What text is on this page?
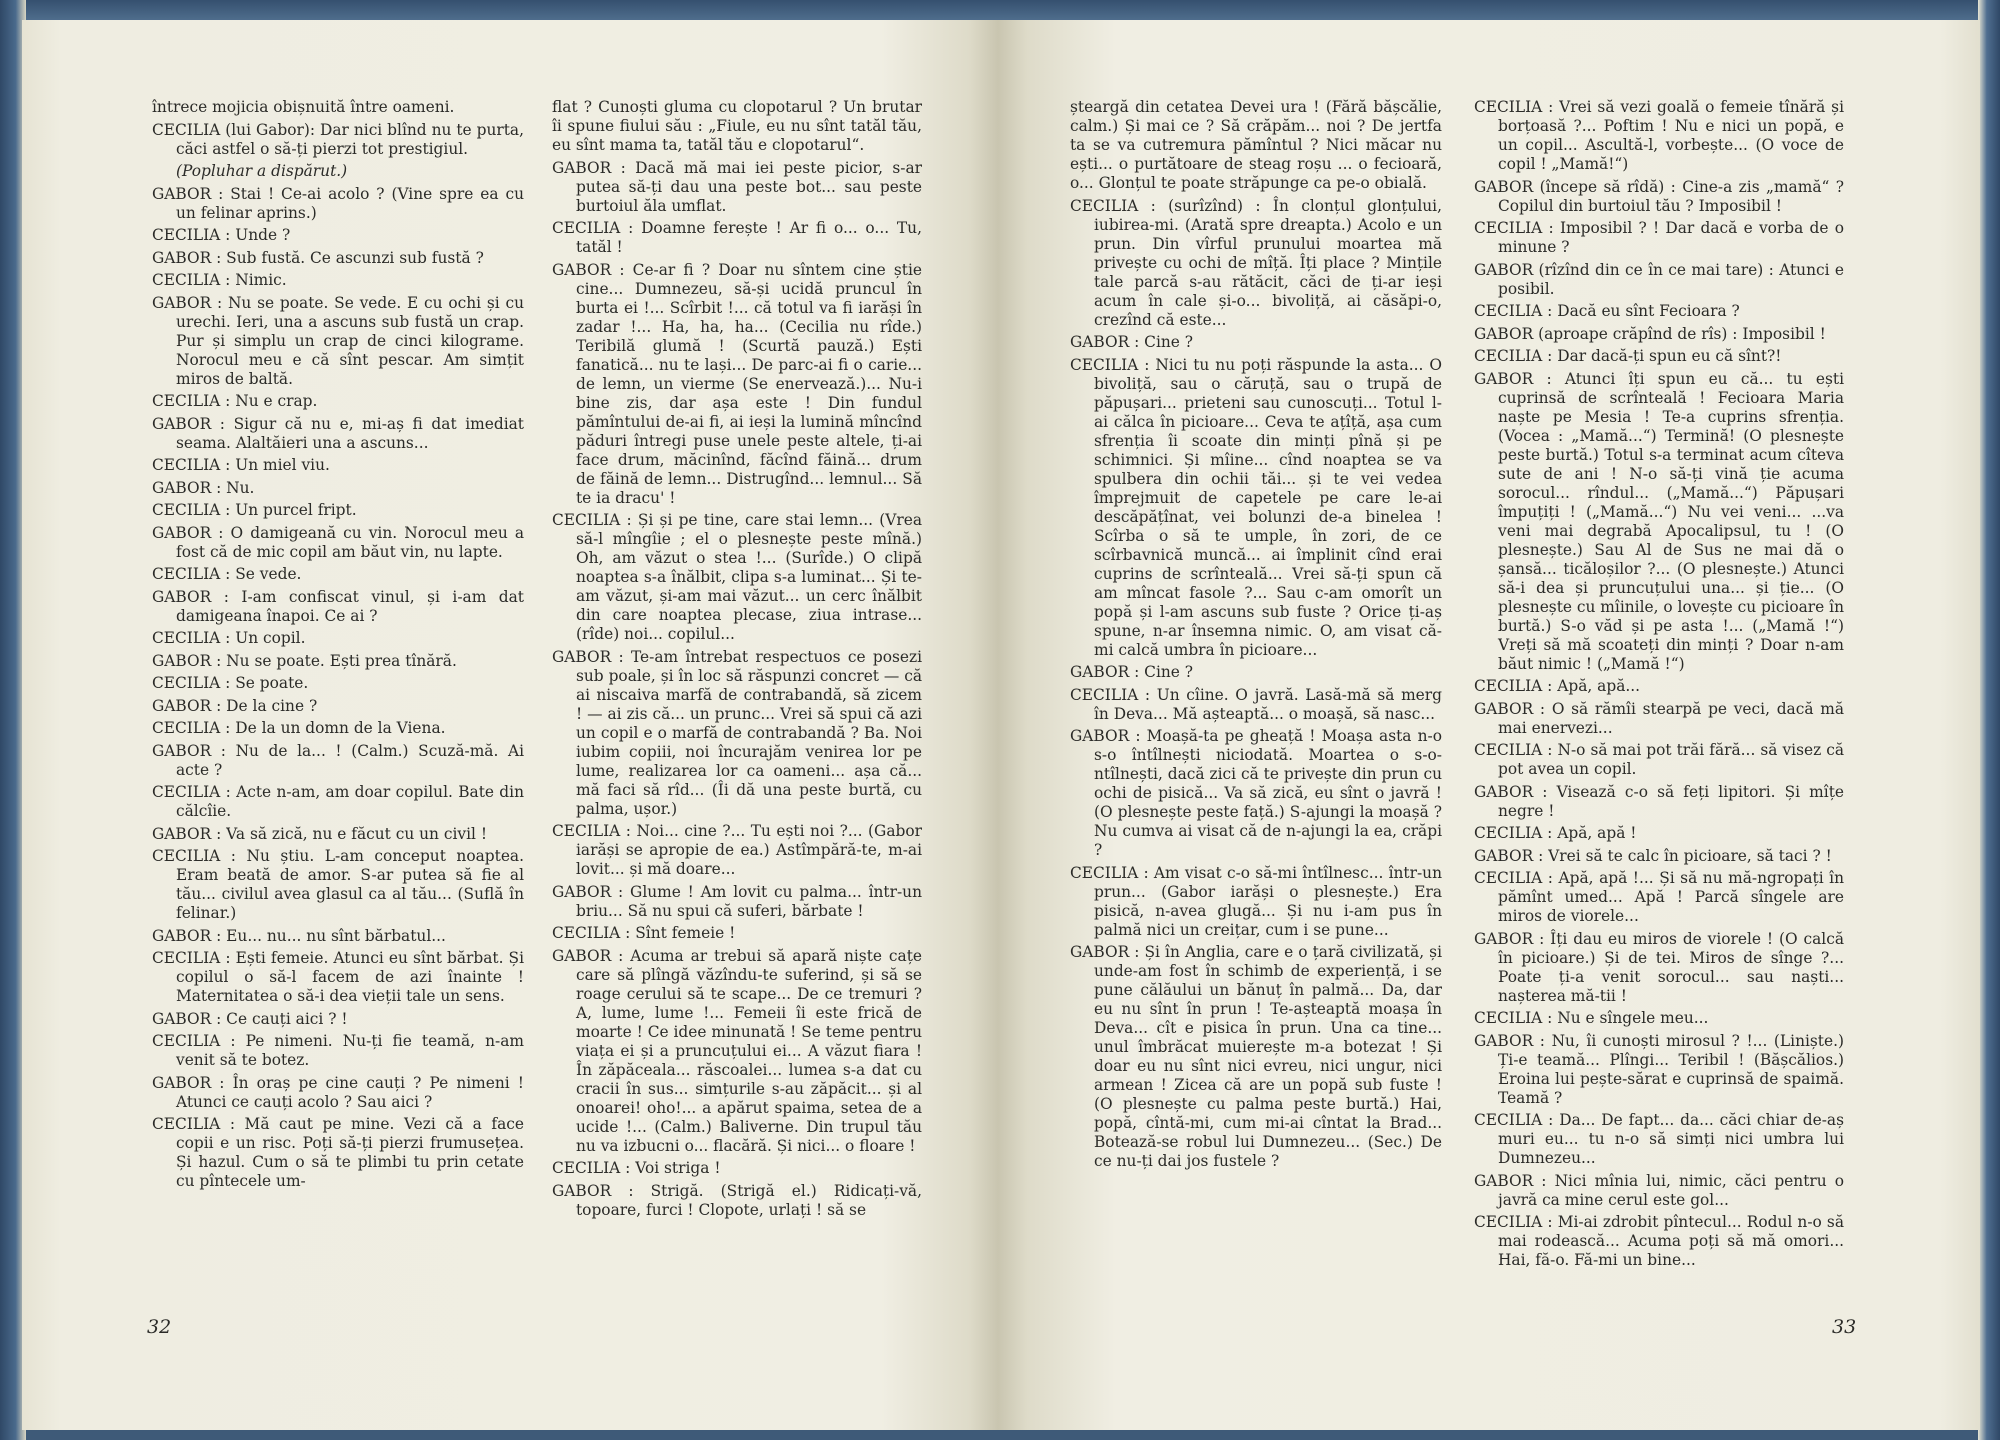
întrece mojicia obișnuită între oameni.

CECILIA (lui Gabor): Dar nici blînd nu te purta, căci astfel o să-ți pierzi tot prestigiul.

(Popluhar a dispărut.)

GABOR : Stai ! Ce-ai acolo ? (Vine spre ea cu un felinar aprins.)

CECILIA : Unde ?

GABOR : Sub fustă. Ce ascunzi sub fustă ?

CECILIA : Nimic.

GABOR : Nu se poate. Se vede. E cu ochi și cu urechi. Ieri, una a ascuns sub fustă un crap. Pur și simplu un crap de cinci kilograme. Norocul meu e că sînt pescar. Am simțit miros de baltă.

CECILIA : Nu e crap.

GABOR : Sigur că nu e, mi-aș fi dat imediat seama. Alaltăieri una a ascuns...

CECILIA : Un miel viu.

GABOR : Nu.

CECILIA : Un purcel fript.

GABOR : O damigeană cu vin. Norocul meu a fost că de mic copil am băut vin, nu lapte.

CECILIA : Se vede.

GABOR : I-am confiscat vinul, și i-am dat damigeana înapoi. Ce ai ?

CECILIA : Un copil.

GABOR : Nu se poate. Ești prea tînără.

CECILIA : Se poate.

GABOR : De la cine ?

CECILIA : De la un domn de la Viena.

GABOR : Nu de la... ! (Calm.) Scuză-mă. Ai acte ?

CECILIA : Acte n-am, am doar copilul. Bate din călcîie.

GABOR : Va să zică, nu e făcut cu un civil !

CECILIA : Nu știu. L-am conceput noaptea. Eram beată de amor. S-ar putea să fie al tău... civilul avea glasul ca al tău... (Suflă în felinar.)

GABOR : Eu... nu... nu sînt bărbatul...

CECILIA : Ești femeie. Atunci eu sînt bărbat. Și copilul o să-l facem de azi înainte ! Maternitatea o să-i dea vieții tale un sens.

GABOR : Ce cauți aici ? !

CECILIA : Pe nimeni. Nu-ți fie teamă, n-am venit să te botez.

GABOR : În oraș pe cine cauți ? Pe nimeni ! Atunci ce cauți acolo ? Sau aici ?

CECILIA : Mă caut pe mine. Vezi că a face copii e un risc. Poți să-ți pierzi frumusețea. Și hazul. Cum o să te plimbi tu prin cetate cu pîntecele um-

flat ? Cunoști gluma cu clopotarul ? Un brutar îi spune fiului său : „Fiule, eu nu sînt tatăl tău, eu sînt mama ta, tatăl tău e clopotarul“.

GABOR : Dacă mă mai iei peste picior, s-ar putea să-ți dau una peste bot... sau peste burtoiul ăla umflat.

CECILIA : Doamne ferește ! Ar fi o... o... Tu, tatăl !

GABOR : Ce-ar fi ? Doar nu sîntem cine știe cine... Dumnezeu, să-și ucidă pruncul în burta ei !... Scîrbit !... că totul va fi iarăși în zadar !... Ha, ha, ha... (Cecilia nu rîde.) Teribilă glumă ! (Scurtă pauză.) Ești fanatică... nu te lași... De parc-ai fi o carie... de lemn, un vierme (Se enervează.)... Nu-i bine zis, dar așa este ! Din fundul pămîntului de-ai fi, ai ieși la lumină mîncînd păduri întregi puse unele peste altele, ți-ai face drum, măcinînd, făcînd făină... drum de făină de lemn... Distrugînd... lemnul... Să te ia dracu' !

CECILIA : Și și pe tine, care stai lemn... (Vrea să-l mîngîie ; el o plesnește peste mînă.) Oh, am văzut o stea !... (Surîde.) O clipă noaptea s-a înălbit, clipa s-a luminat... Și te-am văzut, și-am mai văzut... un cerc înălbit din care noaptea plecase, ziua intrase... (rîde) noi... copilul...

GABOR : Te-am întrebat respectuos ce posezi sub poale, și în loc să răspunzi concret — că ai niscaiva marfă de contrabandă, să zicem ! — ai zis că... un prunc... Vrei să spui că azi un copil e o marfă de contrabandă ? Ba. Noi iubim copiii, noi încurajăm venirea lor pe lume, realizarea lor ca oameni... așa că... mă faci să rîd... (Îi dă una peste burtă, cu palma, ușor.)

CECILIA : Noi... cine ?... Tu ești noi ?... (Gabor iarăși se apropie de ea.) Astîmpără-te, m-ai lovit... și mă doare...

GABOR : Glume ! Am lovit cu palma... într-un briu... Să nu spui că suferi, bărbate !

CECILIA : Sînt femeie !

GABOR : Acuma ar trebui să apară niște cațe care să plîngă văzîndu-te suferind, și să se roage cerului să te scape... De ce tremuri ? A, lume, lume !... Femeii îi este frică de moarte ! Ce idee minunată ! Se teme pentru viața ei și a pruncuțului ei... A văzut fiara ! În zăpăceala... răscoalei... lumea s-a dat cu cracii în sus... simțurile s-au zăpăcit... și al onoarei! oho!... a apărut spaima, setea de a ucide !... (Calm.) Baliverne. Din trupul tău nu va izbucni o... flacără. Și nici... o floare !

CECILIA : Voi striga !

GABOR : Strigă. (Strigă el.) Ridicați-vă, topoare, furci ! Clopote, urlați ! să se

32

șteargă din cetatea Devei ura ! (Fără bășcălie, calm.) Și mai ce ? Să crăpăm... noi ? De jertfa ta se va cutremura pămîntul ? Nici măcar nu ești... o purtătoare de steag roșu ... o fecioară, o... Glonțul te poate străpunge ca pe-o obială.

CECILIA : (surîzînd) : În clonțul glonțului, iubirea-mi. (Arată spre dreapta.) Acolo e un prun. Din vîrful prunului moartea mă privește cu ochi de mîță. Îți place ? Mințile tale parcă s-au rătăcit, căci de ți-ar ieși acum în cale și-o... bivoliță, ai căsăpi-o, crezînd că este...

GABOR : Cine ?

CECILIA : Nici tu nu poți răspunde la asta... O bivoliță, sau o căruță, sau o trupă de păpușari... prieteni sau cunoscuți... Totul l-ai călca în picioare... Ceva te ațîță, așa cum sfrențiа îi scoate din minți pînă și pe schimnici. Și mîine... cînd noaptea se va spulbera din ochii tăi... și te vei vedea împrejmuit de capetele pe care le-ai descăpățînat, vei bolunzi de-a binelea ! Scîrba o să te umple, în zori, de ce scîrbavnică muncă... ai împlinit cînd erai cuprins de scrînteală... Vrei să-ți spun că am mîncat fasole ?... Sau c-am omorît un popă și l-am ascuns sub fuste ? Orice ți-aș spune, n-ar însemna nimic. O, am visat că-mi calcă umbra în picioare...

GABOR : Cine ?

CECILIA : Un cîine. O javră. Lasă-mă să merg în Deva... Mă așteaptă... o moașă, să nasc...

GABOR : Moașă-ta pe gheață ! Moașa asta n-o s-o întîlnești niciodată. Moartea o s-o-ntîlnești, dacă zici că te privește din prun cu ochi de pisică... Va să zică, eu sînt o javră ! (O plesnește peste față.) S-ajungi la moașă ? Nu cumva ai visat că de n-ajungi la ea, crăpi ?

CECILIA : Am visat c-o să-mi întîlnesc... într-un prun... (Gabor iarăși o plesnește.) Era pisică, n-avea glugă... Și nu i-am pus în palmă nici un creițar, cum i se pune...

GABOR : Și în Anglia, care e o țară civilizată, și unde-am fost în schimb de experiență, i se pune călăului un bănuț în palmă... Da, dar eu nu sînt în prun ! Te-așteaptă moașa în Deva... cît e pisica în prun. Una ca tine... unul îmbrăcat muierește m-a botezat ! Și doar eu nu sînt nici evreu, nici ungur, nici armean ! Zicea că are un popă sub fuste ! (O plesnește cu palma peste burtă.) Hai, popă, cîntă-mi, cum mi-ai cîntat la Brad... Botează-se robul lui Dumnezeu... (Sec.) De ce nu-ți dai jos fustele ?

CECILIA : Vrei să vezi goală o femeie tînără și borțoasă ?... Poftim ! Nu e nici un popă, e un copil... Ascultă-l, vorbește... (O voce de copil ! „Mamă!“)

GABOR (începe să rîdă) : Cine-a zis „mamă“ ? Copilul din burtoiul tău ? Imposibil !

CECILIA : Imposibil ? ! Dar dacă e vorba de o minune ?

GABOR (rîzînd din ce în ce mai tare) : Atunci e posibil.

CECILIA : Dacă eu sînt Fecioara ?

GABOR (aproape crăpînd de rîs) : Imposibil !

CECILIA : Dar dacă-ți spun eu că sînt?!

GABOR : Atunci îți spun eu că... tu ești cuprinsă de scrînteală ! Fecioara Maria naște pe Mesia ! Te-a cuprins sfrenția. (Vocea : „Mamă...“) Termină! (O plesnește peste burtă.) Totul s-a terminat acum cîteva sute de ani ! N-o să-ți vină ție acuma sorocul... rîndul... („Mamă...“) Păpușari împuțiți ! („Mamă...“) Nu vei veni... ...va veni mai degrabă Apocalipsul, tu ! (O plesnește.) Sau Al de Sus ne mai dă o șansă... ticăloșilor ?... (O plesnește.) Atunci să-i dea și pruncuțului una... și ție... (O plesnește cu mîinile, o lovește cu picioare în burtă.) S-o văd și pe asta !... („Mamă !“) Vreți să mă scoateți din minți ? Doar n-am băut nimic ! („Mamă !“)

CECILIA : Apă, apă...

GABOR : O să rămîi stearpă pe veci, dacă mă mai enervezi...

CECILIA : N-o să mai pot trăi fără... să visez că pot avea un copil.

GABOR : Visează c-o să feți lipitori. Și mîțe negre !

CECILIA : Apă, apă !

GABOR : Vrei să te calc în picioare, să taci ? !

CECILIA : Apă, apă !... Și să nu mă-ngropați în pămînt umed... Apă ! Parcă sîngele are miros de viorele...

GABOR : Îți dau eu miros de viorele ! (O calcă în picioare.) Și de tei. Miros de sînge ?... Poate ți-a venit sorocul... sau naști... nașterea mă-tii !

CECILIA : Nu e sîngele meu...

GABOR : Nu, îi cunoști mirosul ? !... (Liniște.) Ți-e teamă... Plîngi... Teribil ! (Bășcălios.) Eroina lui pește-sărat e cuprinsă de spaimă. Teamă ?

CECILIA : Da... De fapt... da... căci chiar de-aș muri eu... tu n-o să simți nici umbra lui Dumnezeu...

GABOR : Nici mînia lui, nimic, căci pentru o javră ca mine cerul este gol...

CECILIA : Mi-ai zdrobit pîntecul... Rodul n-o să mai rodească... Acuma poți să mă omori... Hai, fă-o. Fă-mi un bine...

33
